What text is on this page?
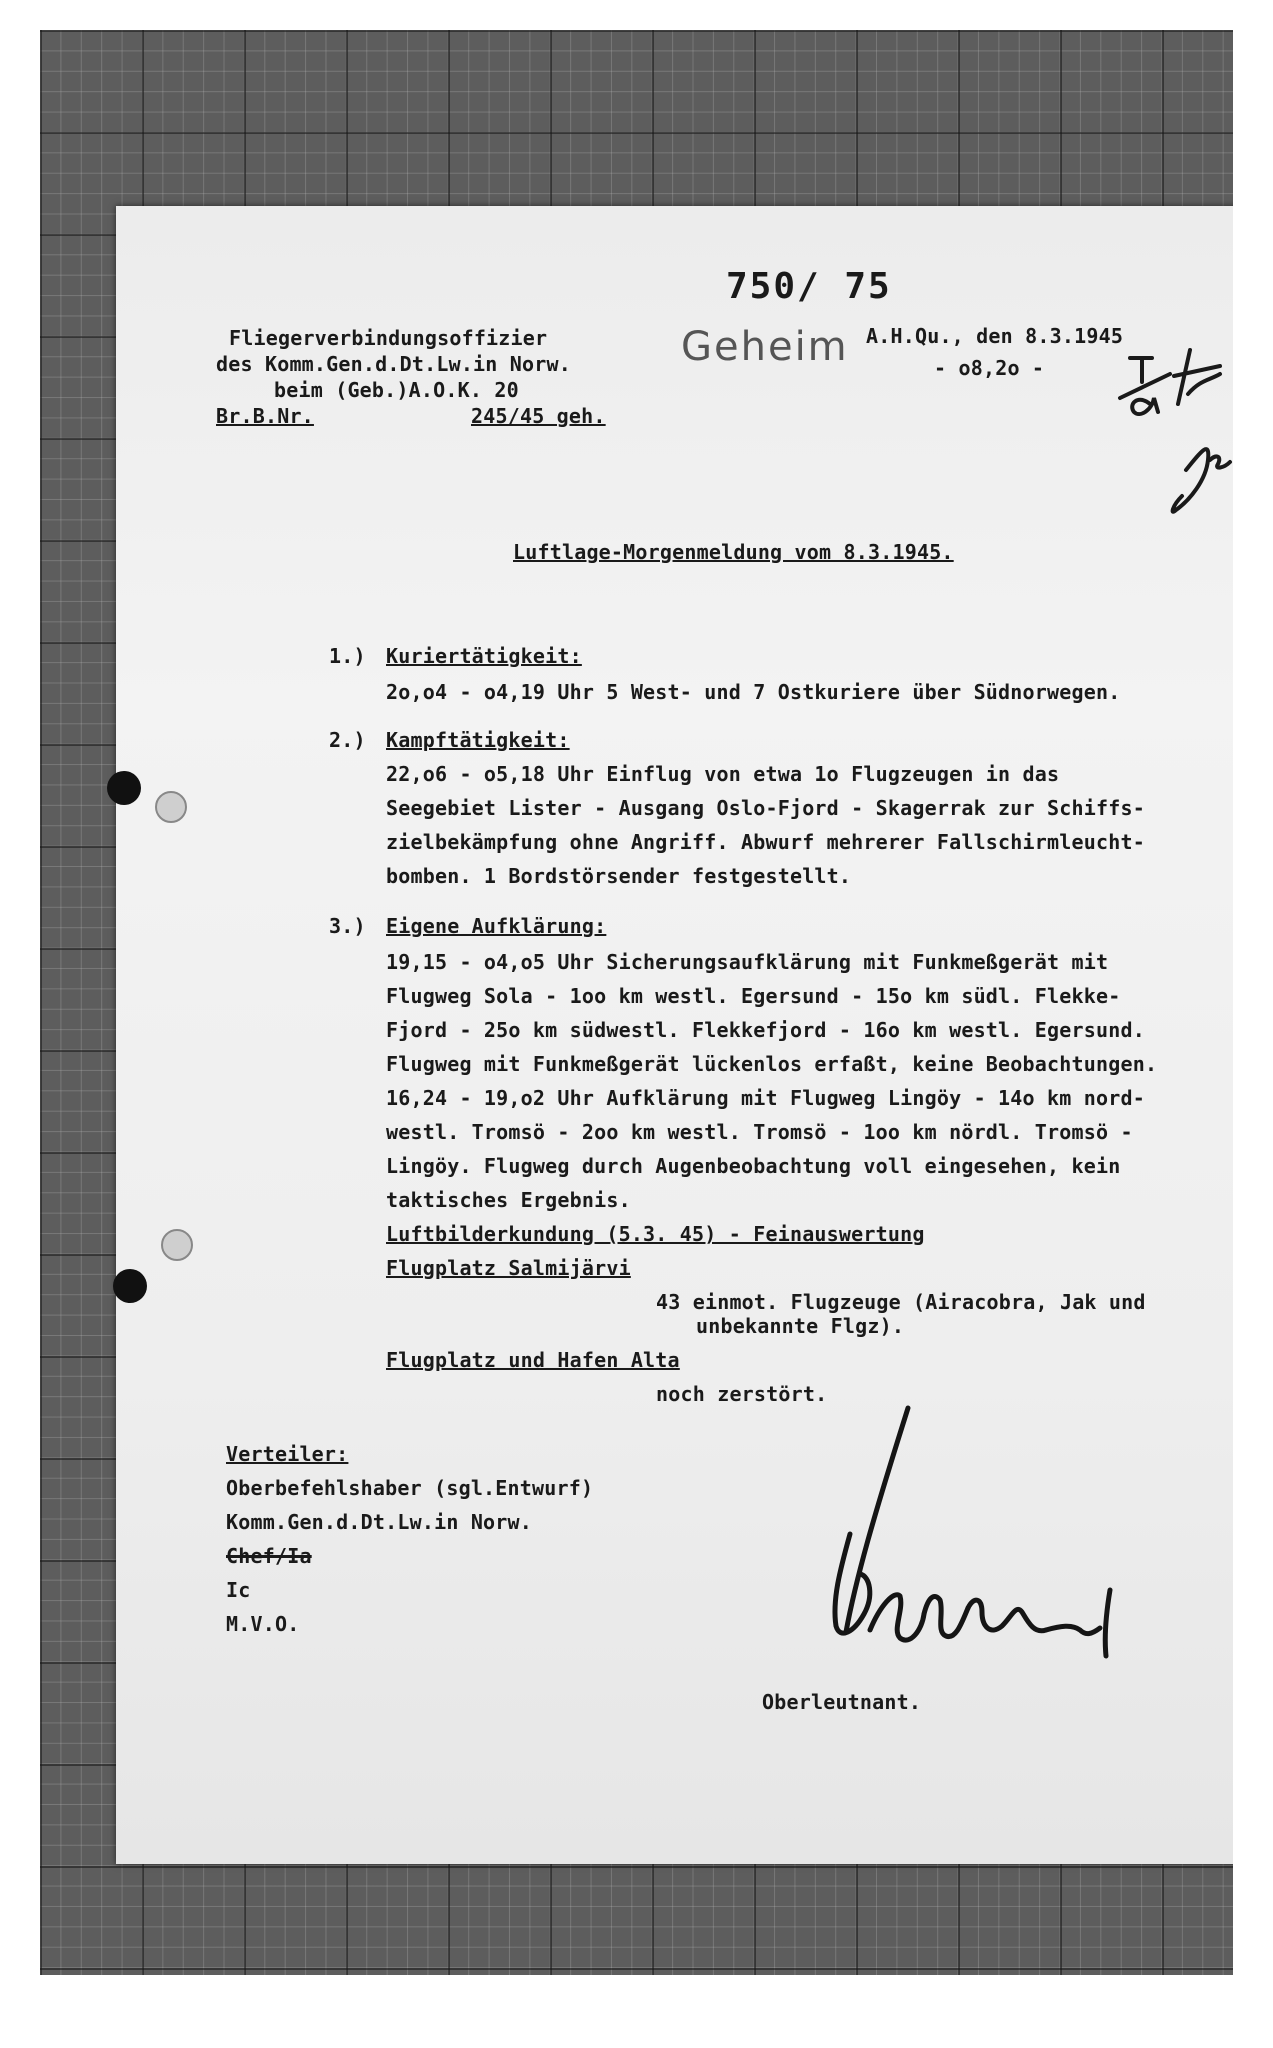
750/ 75
Fliegerverbindungsoffizier
des Komm.Gen.d.Dt.Lw.in Norw.
beim (Geb.)A.O.K. 20
Br.B.Nr.	245/45 geh.
Geheim A.H.Qu., den 8.3.1945
- o8,2o -
Luftlage-Morgenmeldung vom 8.3.1945.
1.) Kuriertätigkeit:
2o,o4 - o4,19 Uhr 5 West- und 7 Ostkuriere über Südnorwegen.
2.) Kampftätigkeit:
22,o6 - o5,18 Uhr Einflug von etwa 1o Flugzeugen in das
Seegebiet Lister - Ausgang Oslo-Fjord - Skagerrak zur Schiffs-
zielbekämpfung ohne Angriff. Abwurf mehrerer Fallschirmleucht-
bomben. 1 Bordstörsender festgestellt.
3.) Eigene Aufklärung:
19,15 - o4,o5 Uhr Sicherungsaufklärung mit Funkmeßgerät mit
Flugweg Sola - 1oo km westl. Egersund - 15o km südl. Flekke-
Fjord - 25o km südwestl. Flekkefjord - 16o km westl. Egersund.
Flugweg mit Funkmeßgerät lückenlos erfaßt, keine Beobachtungen.
16,24 - 19,o2 Uhr Aufklärung mit Flugweg Lingöy - 14o km nord-
westl. Tromsö - 2oo km westl. Tromsö - 1oo km nördl. Tromsö -
Lingöy. Flugweg durch Augenbeobachtung voll eingesehen, kein
taktisches Ergebnis.
Luftbilderkundung (5.3. 45) - Feinauswertung
Flugplatz Salmijärvi
43 einmot. Flugzeuge (Airacobra, Jak und
unbekannte Flgz).
Flugplatz und Hafen Alta
noch zerstört.
Verteiler:
Oberbefehlshaber (sgl.Entwurf)
Komm.Gen.d.Dt.Lw.in Norw.
Chef/Ia
Ic
M.V.O.
Oberleutnant.
